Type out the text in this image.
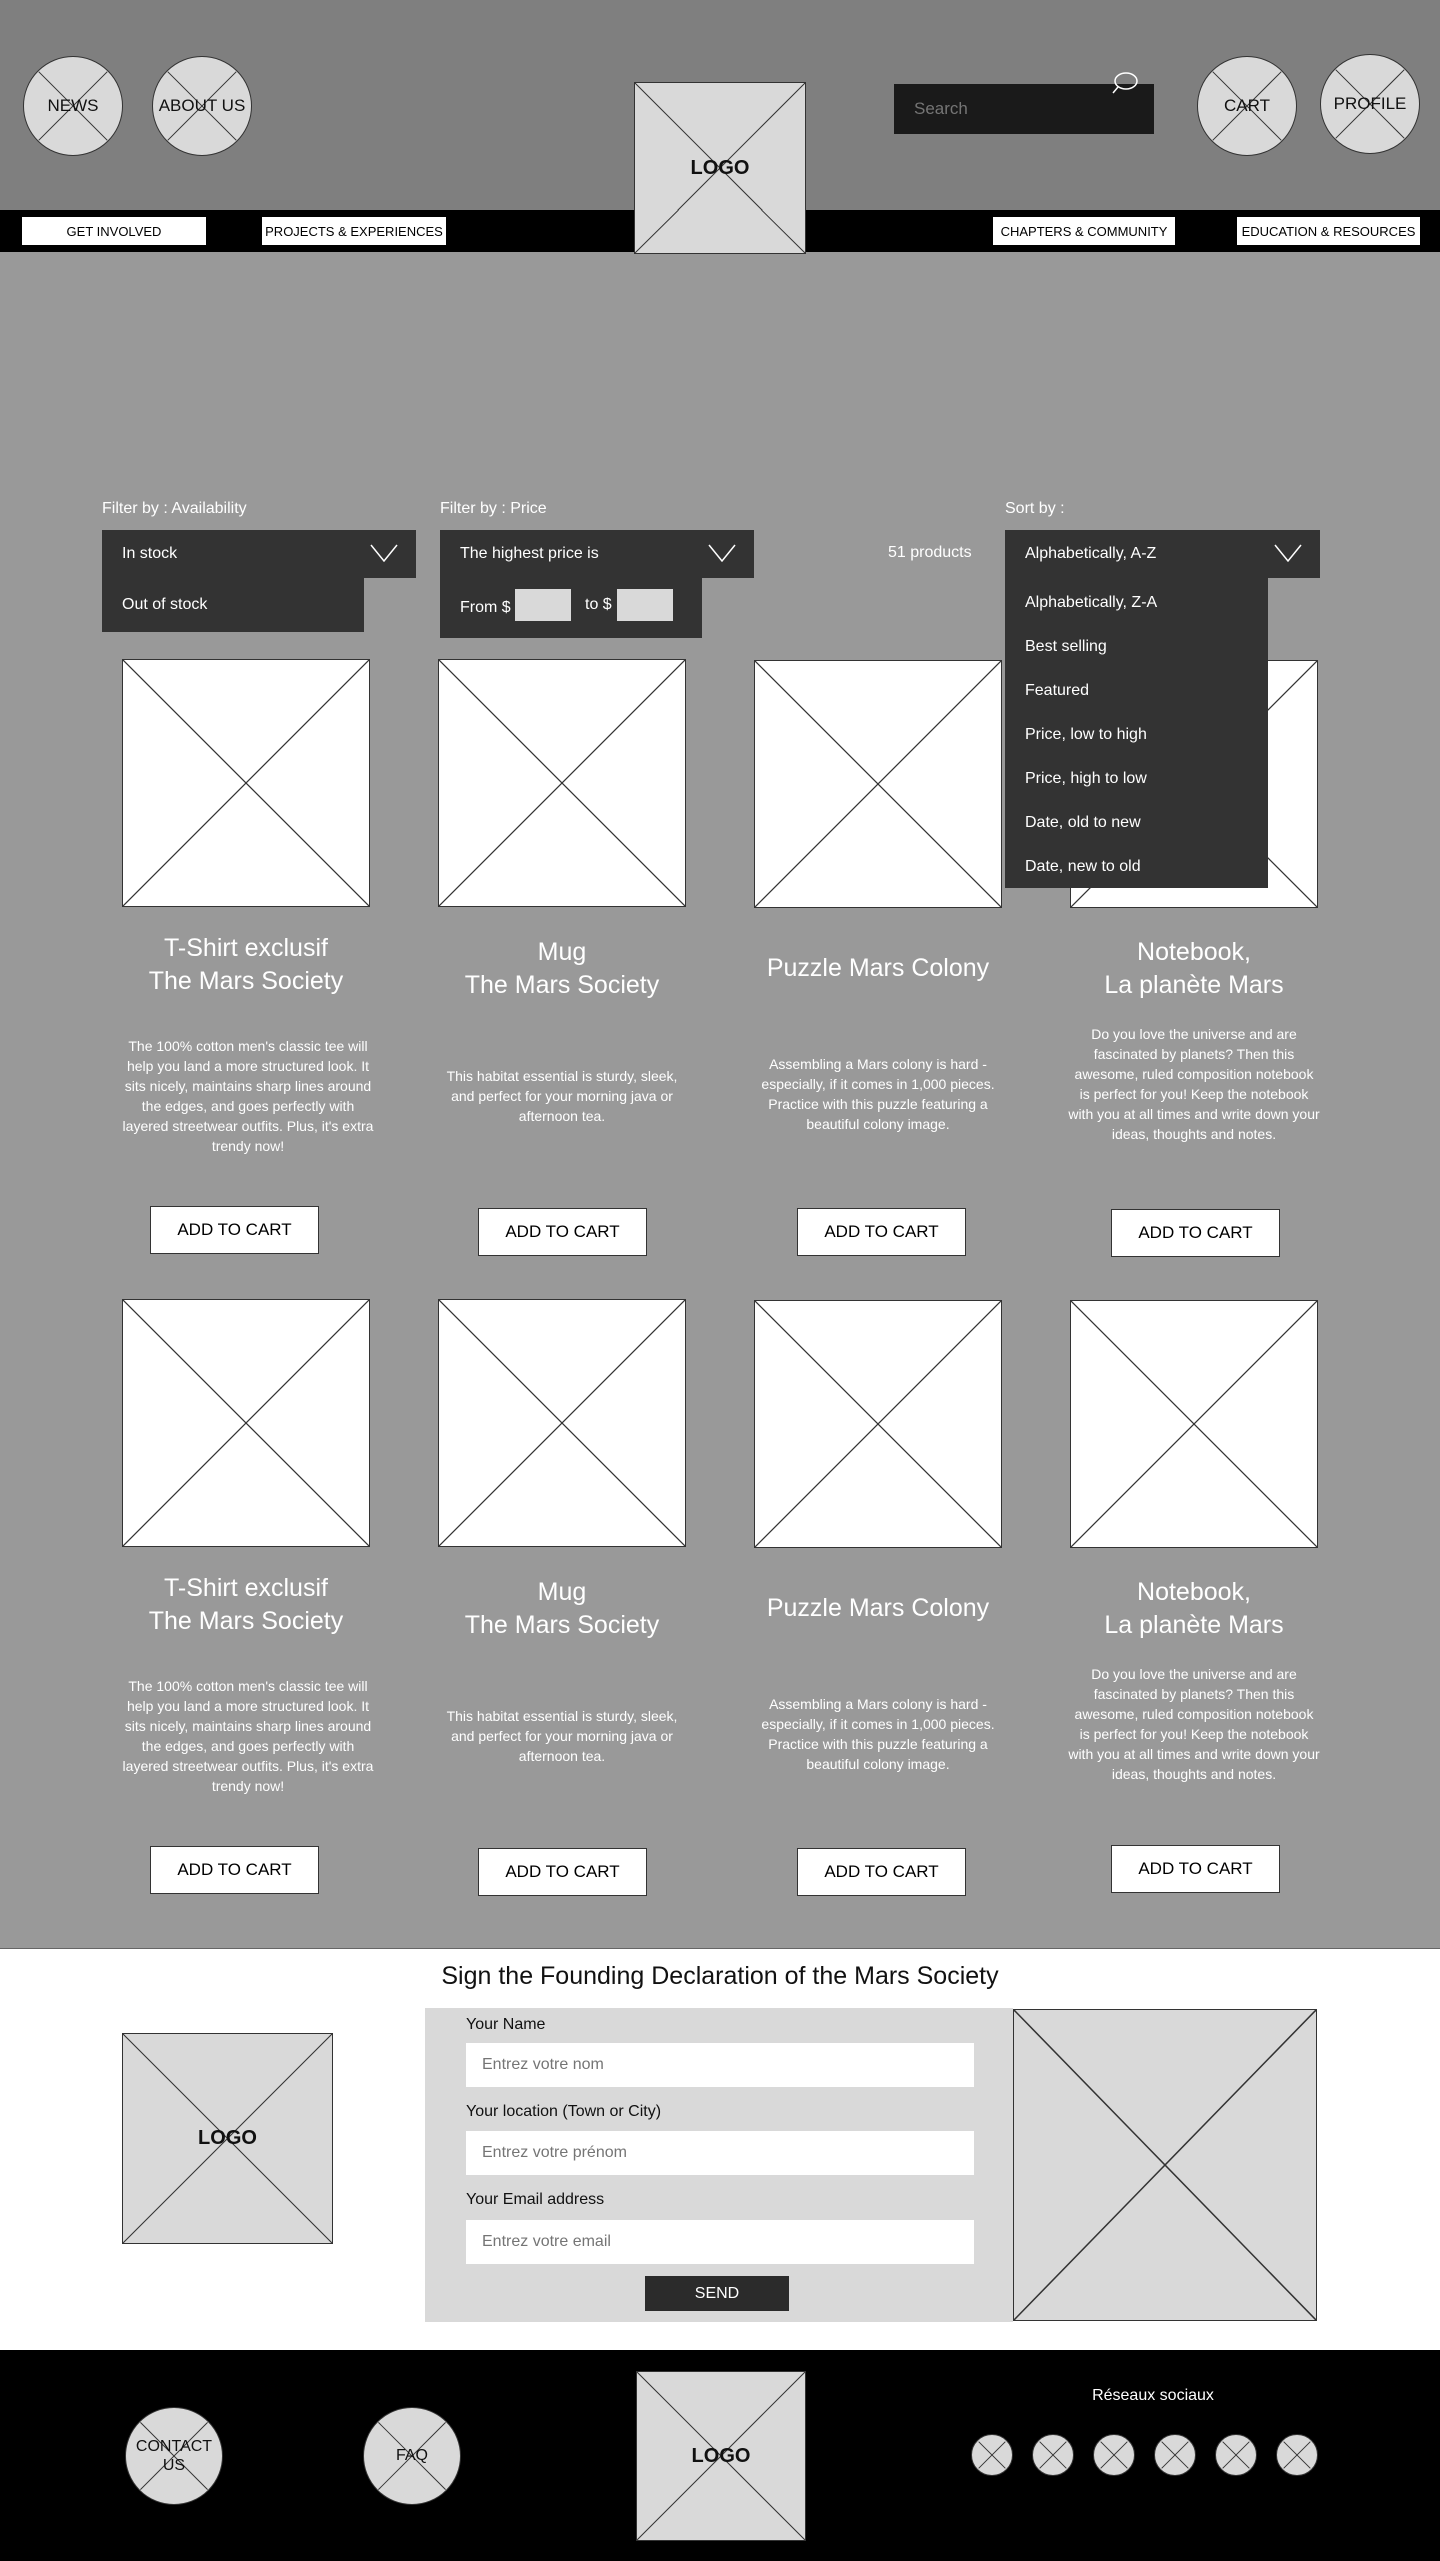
NEWS	ABOUT US
LOGO
Search
CART	PROFILE
GET INVOLVED	PROJECTS & EXPERIENCES	CHAPTERS & COMMUNITY	EDUCATION & RESOURCES
Filter by : Availability
In stock
Out of stock
Filter by : Price
The highest price is
From $	to $
51 products
Sort by :
Alphabetically, A-Z
T-Shirt exclusif
The Mars Society
Mug
The Mars Society
Puzzle Mars Colony
Notebook,
La planète Mars
The 100% cotton men's classic tee will help you land a more structured look. It sits nicely, maintains sharp lines around the edges, and goes perfectly with layered streetwear outfits. Plus, it's extra trendy now!
This habitat essential is sturdy, sleek, and perfect for your morning java or afternoon tea.
Assembling a Mars colony is hard - especially, if it comes in 1,000 pieces. Practice with this puzzle featuring a beautiful colony image.
Do you love the universe and are fascinated by planets? Then this awesome, ruled composition notebook is perfect for you! Keep the notebook with you at all times and write down your ideas, thoughts and notes.
ADD TO CART	ADD TO CART	ADD TO CART	ADD TO CART
T-Shirt exclusif
The Mars Society
Mug
The Mars Society
Puzzle Mars Colony
Notebook,
La planète Mars
The 100% cotton men's classic tee will help you land a more structured look. It sits nicely, maintains sharp lines around the edges, and goes perfectly with layered streetwear outfits. Plus, it's extra trendy now!
This habitat essential is sturdy, sleek, and perfect for your morning java or afternoon tea.
Assembling a Mars colony is hard - especially, if it comes in 1,000 pieces. Practice with this puzzle featuring a beautiful colony image.
Do you love the universe and are fascinated by planets? Then this awesome, ruled composition notebook is perfect for you! Keep the notebook with you at all times and write down your ideas, thoughts and notes.
ADD TO CART	ADD TO CART	ADD TO CART	ADD TO CART
Alphabetically, Z-A
Best selling
Featured
Price, low to high
Price, high to low
Date, old to new
Date, new to old
Sign the Founding Declaration of the Mars Society
LOGO
Your Name
Entrez votre nom
Your location (Town or City)
Entrez votre prénom
Your Email address
Entrez votre email
SEND
CONTACT US
FAQ	LOGO
Réseaux sociaux
